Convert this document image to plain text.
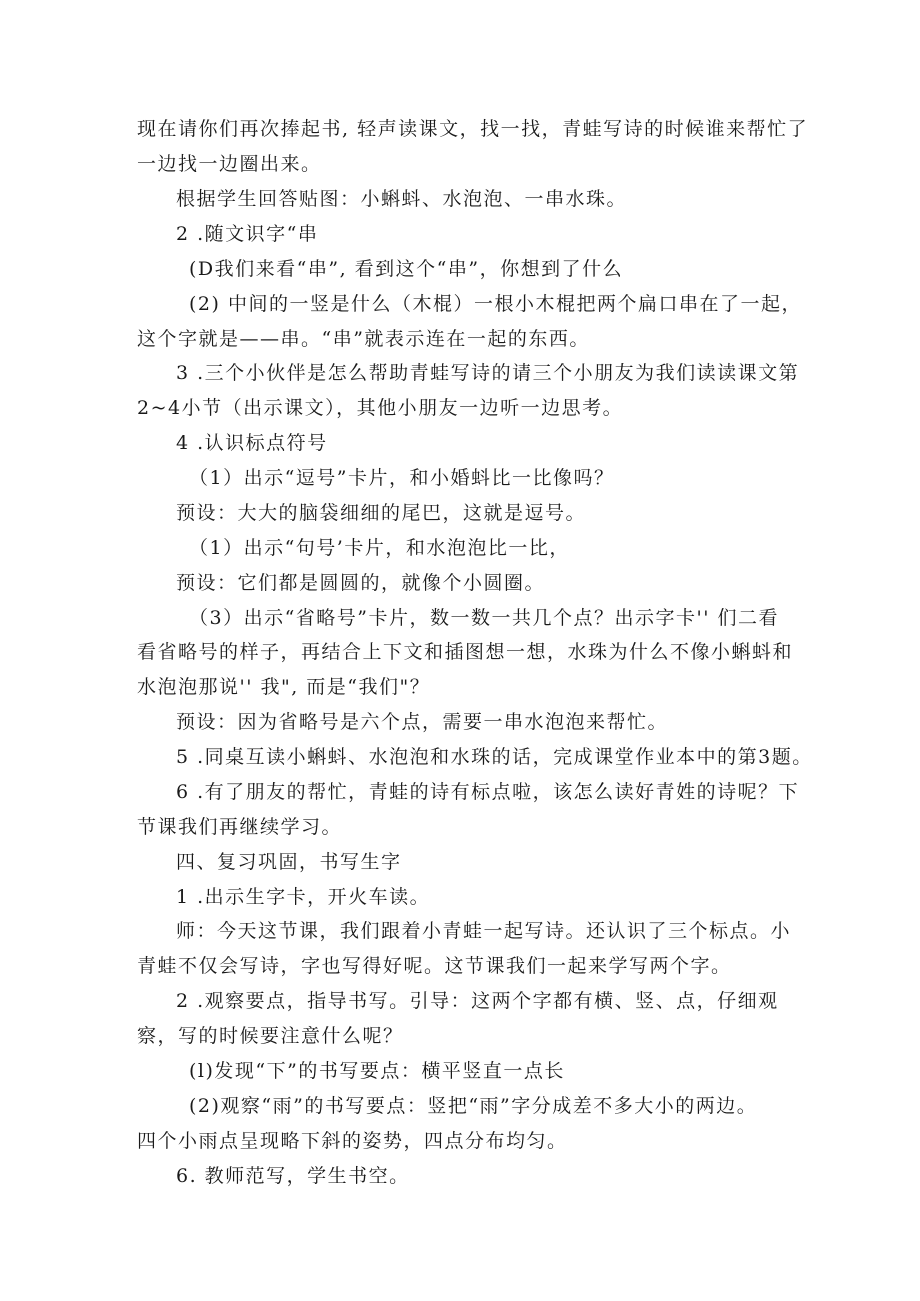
现在请你们再次捧起书, 轻声读课文，找一找，青蛙写诗的时候谁来帮忙了
一边找一边圈出来。
根据学生回答贴图：小蝌蚪、水泡泡、一串水珠。
2 .随文识字“串
(D我们来看“串”, 看到这个“串”，你想到了什么
(2) 中间的一竖是什么（木棍）一根小木棍把两个扁口串在了一起，
这个字就是——串。“串”就表示连在一起的东西。
3 .三个小伙伴是怎么帮助青蛙写诗的请三个小朋友为我们读读课文第
2~4小节（出示课文），其他小朋友一边听一边思考。
4 .认识标点符号
（1）出示“逗号”卡片，和小婚蚪比一比像吗？
预设：大大的脑袋细细的尾巴，这就是逗号。
（1）出示“句号’卡片，和水泡泡比一比，
预设：它们都是圆圆的，就像个小圆圈。
（3）出示“省略号”卡片，数一数一共几个点？出示字卡'' 们二看
看省略号的样子，再结合上下文和插图想一想，水珠为什么不像小蝌蚪和
水泡泡那说'' 我", 而是“我们"？
预设：因为省略号是六个点，需要一串水泡泡来帮忙。
5 .同桌互读小蝌蚪、水泡泡和水珠的话，完成课堂作业本中的第3题。
6 .有了朋友的帮忙，青蛙的诗有标点啦，该怎么读好青姓的诗呢？下
节课我们再继续学习。
四、复习巩固，书写生字
1 .出示生字卡，开火车读。
师：今天这节课，我们跟着小青蛙一起写诗。还认识了三个标点。小
青蛙不仅会写诗，字也写得好呢。这节课我们一起来学写两个字。
2 .观察要点，指导书写。引导：这两个字都有横、竖、点，仔细观
察，写的时候要注意什么呢？
(l)发现“下”的书写要点：横平竖直一点长
(2)观察“雨”的书写要点：竖把“雨”字分成差不多大小的两边。
四个小雨点呈现略下斜的姿势，四点分布均匀。
6. 教师范写，学生书空。
